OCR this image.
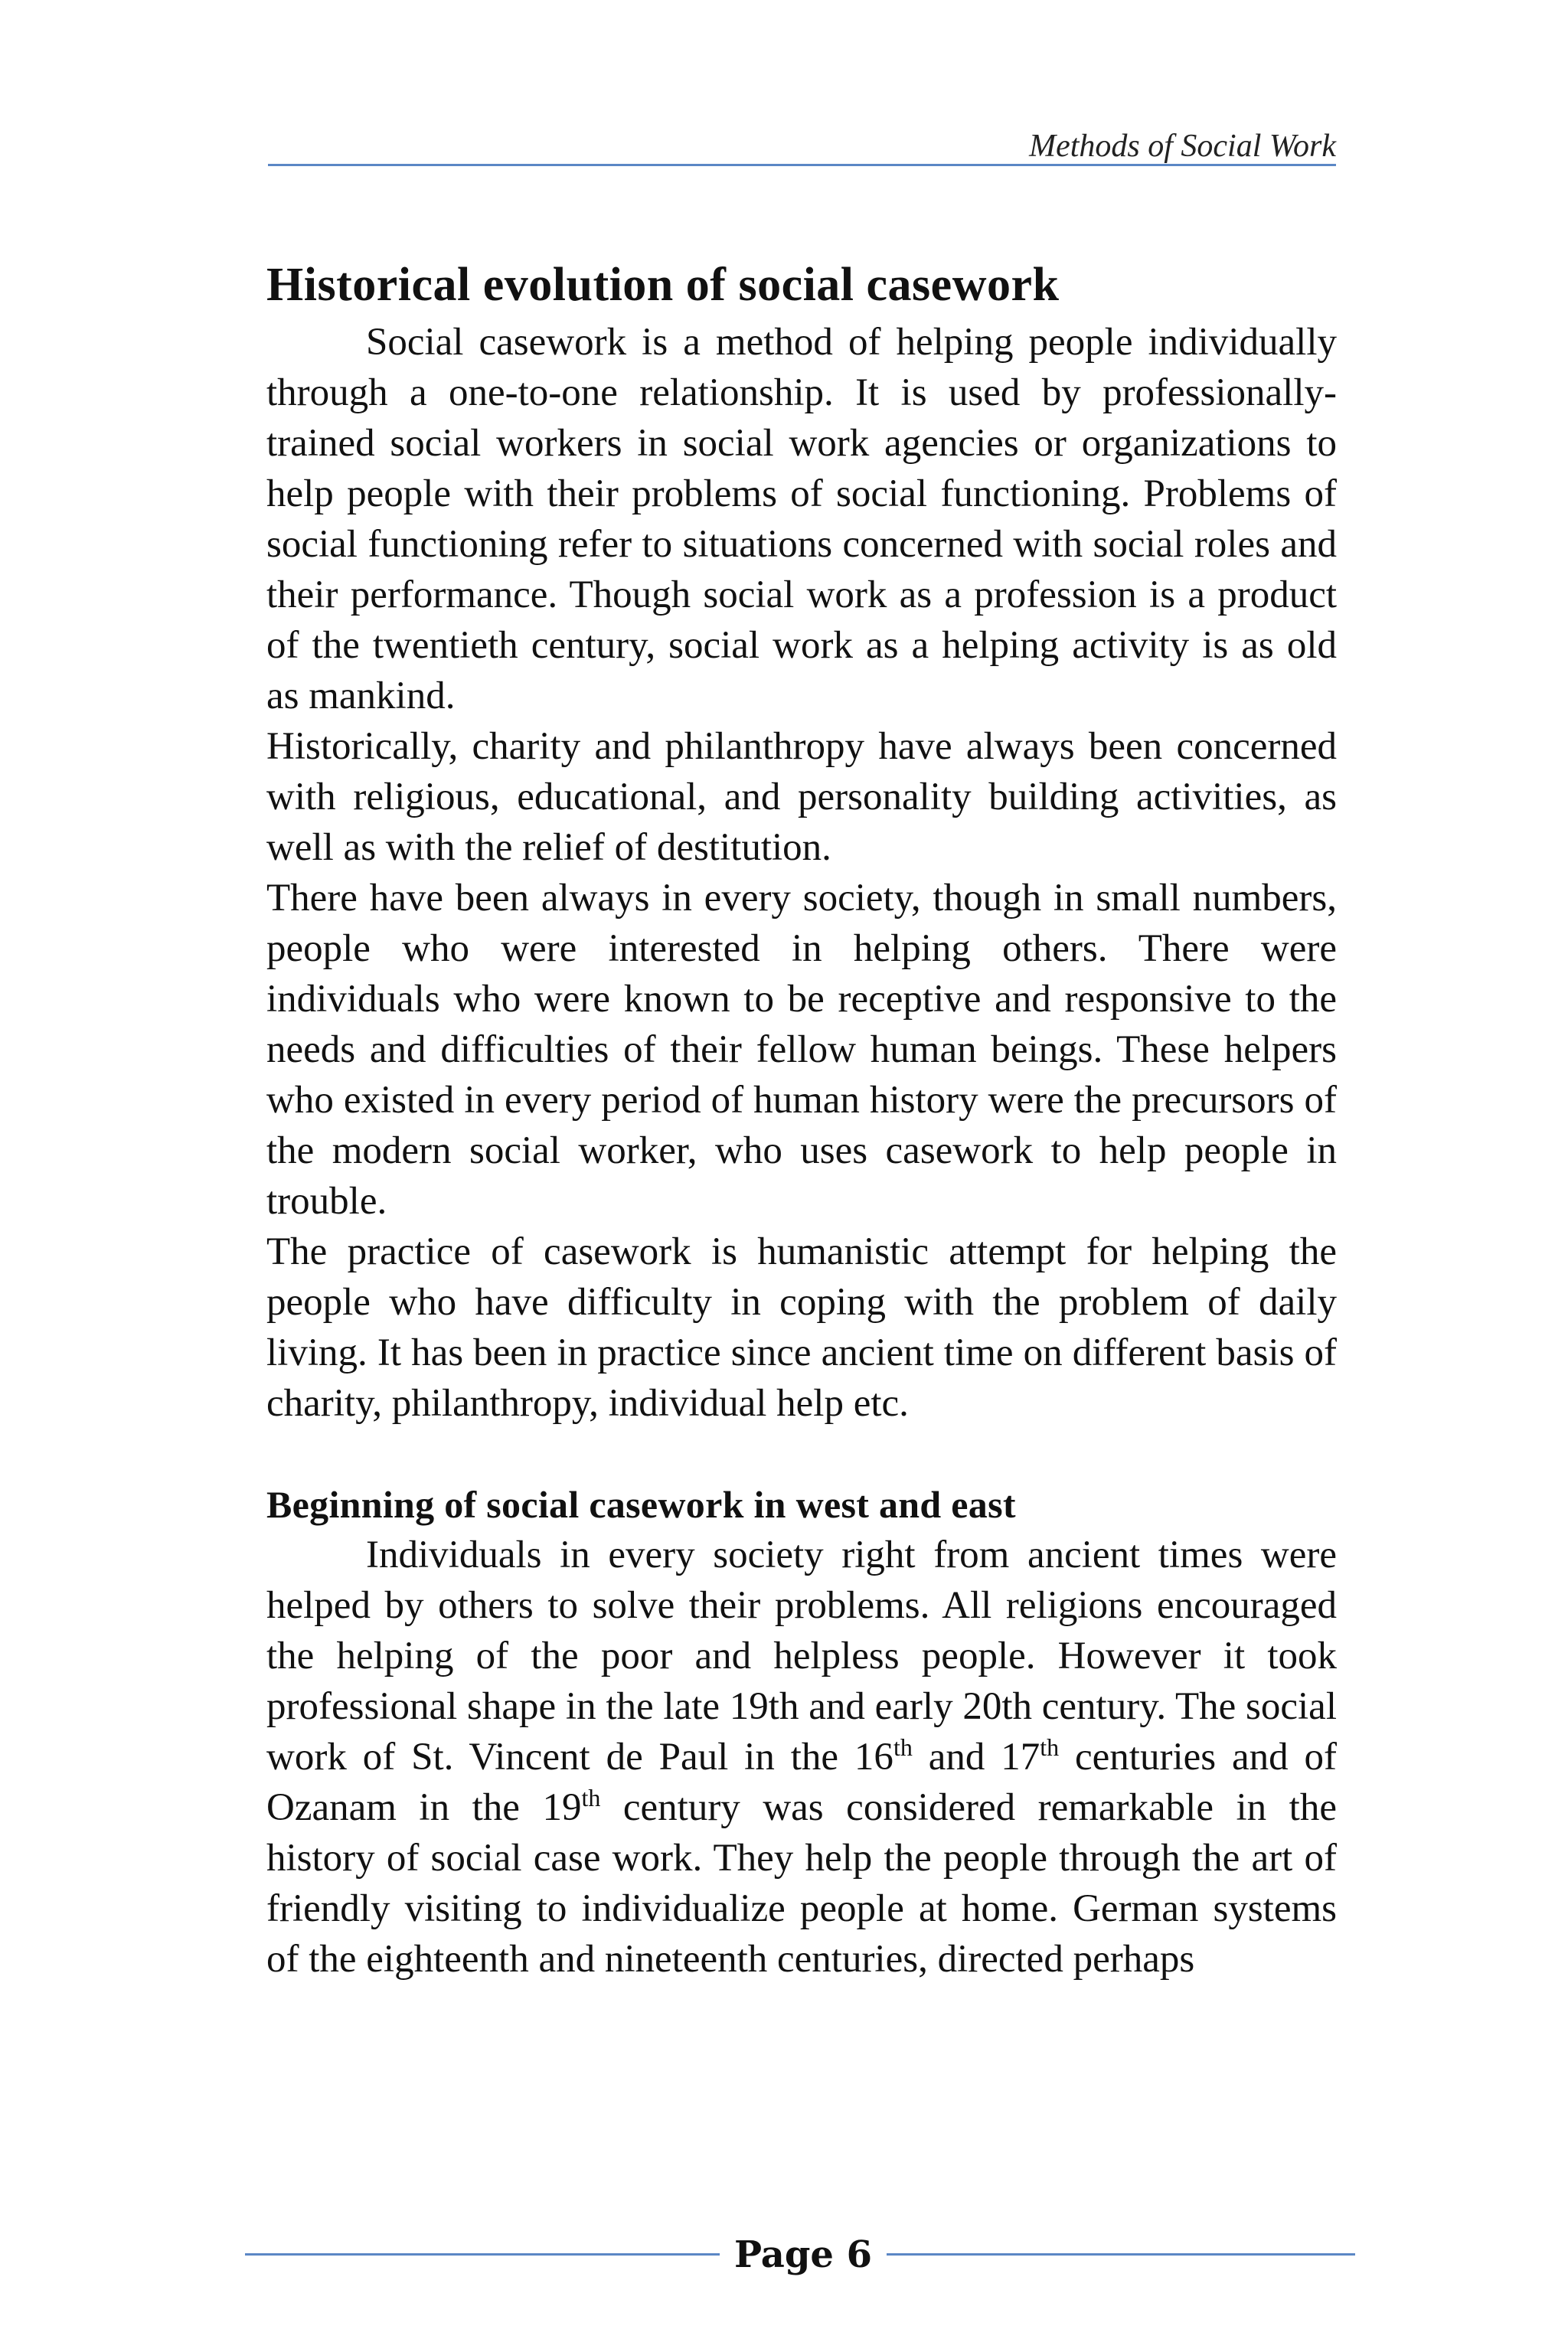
Methods of Social Work
Historical evolution of social casework

Social casework is a method of helping people individually through a one-to-one relationship. It is used by professionally-trained social workers in social work agencies or organizations to help people with their problems of social functioning. Problems of social functioning refer to situations concerned with social roles and their performance. Though social work as a profession is a product of the twentieth century, social work as a helping activity is as old as mankind.

Historically, charity and philanthropy have always been concerned with religious, educational, and personality building activities, as well as with the relief of destitution.

There have been always in every society, though in small numbers, people who were interested in helping others. There were individuals who were known to be receptive and responsive to the needs and difficulties of their fellow human beings. These helpers who existed in every period of human history were the precursors of the modern social worker, who uses casework to help people in trouble.

The practice of casework is humanistic attempt for helping the people who have difficulty in coping with the problem of daily living. It has been in practice since ancient time on different basis of charity, philanthropy, individual help etc.

Beginning of social casework in west and east

Individuals in every society right from ancient times were helped by others to solve their problems. All religions encouraged the helping of the poor and helpless people. However it took professional shape in the late 19th and early 20th century. The social work of St. Vincent de Paul in the 16th and 17th centuries and of Ozanam in the 19th century was considered remarkable in the history of social case work. They help the people through the art of friendly visiting to individualize people at home. German systems of the eighteenth and nineteenth centuries, directed perhaps

Page 6
